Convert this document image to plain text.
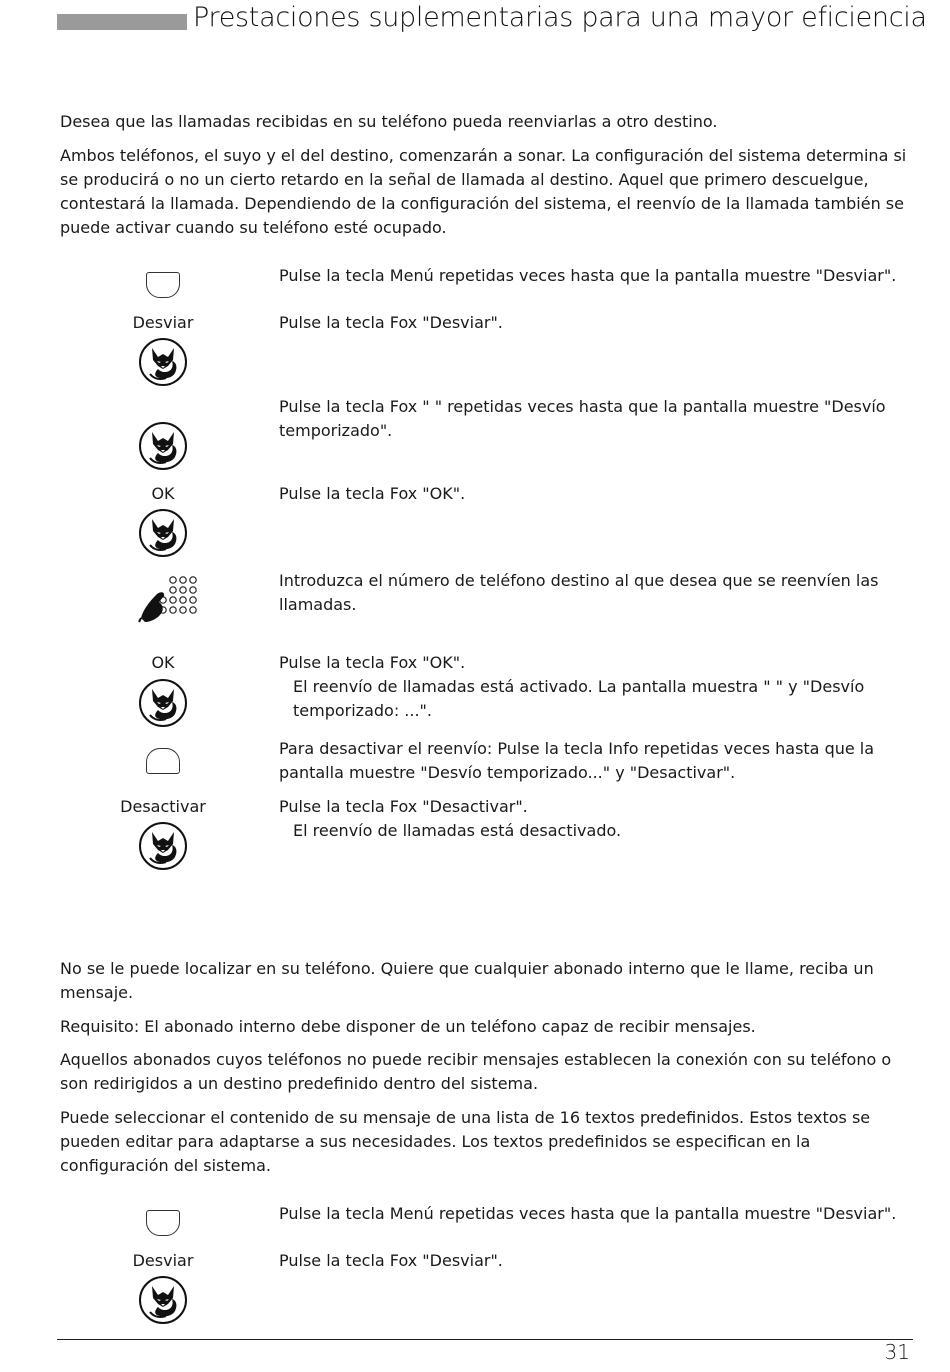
Prestaciones suplementarias para una mayor eficiencia

Desea que las llamadas recibidas en su teléfono pueda reenviarlas a otro destino.

Ambos teléfonos, el suyo y el del destino, comenzarán a sonar. La configuración del sistema determina si se producirá o no un cierto retardo en la señal de llamada al destino. Aquel que primero descuelgue, contestará la llamada. Dependiendo de la configuración del sistema, el reenvío de la llamada también se puede activar cuando su teléfono esté ocupado.

Pulse la tecla Menú repetidas veces hasta que la pantalla muestre "Desviar".

Desviar	Pulse la tecla Fox "Desviar".

Pulse la tecla Fox " " repetidas veces hasta que la pantalla muestre "Desvío temporizado".

OK	Pulse la tecla Fox "OK".

Introduzca el número de teléfono destino al que desea que se reenvíen las llamadas.

OK	Pulse la tecla Fox "OK".
El reenvío de llamadas está activado. La pantalla muestra " " y "Desvío temporizado: ...".

Para desactivar el reenvío: Pulse la tecla Info repetidas veces hasta que la pantalla muestre "Desvío temporizado..." y "Desactivar".

Desactivar	Pulse la tecla Fox "Desactivar".
El reenvío de llamadas está desactivado.

No se le puede localizar en su teléfono. Quiere que cualquier abonado interno que le llame, reciba un mensaje.

Requisito: El abonado interno debe disponer de un teléfono capaz de recibir mensajes.

Aquellos abonados cuyos teléfonos no puede recibir mensajes establecen la conexión con su teléfono o son redirigidos a un destino predefinido dentro del sistema.

Puede seleccionar el contenido de su mensaje de una lista de 16 textos predefinidos. Estos textos se pueden editar para adaptarse a sus necesidades. Los textos predefinidos se especifican en la configuración del sistema.

Pulse la tecla Menú repetidas veces hasta que la pantalla muestre "Desviar".

Desviar	Pulse la tecla Fox "Desviar".

31
